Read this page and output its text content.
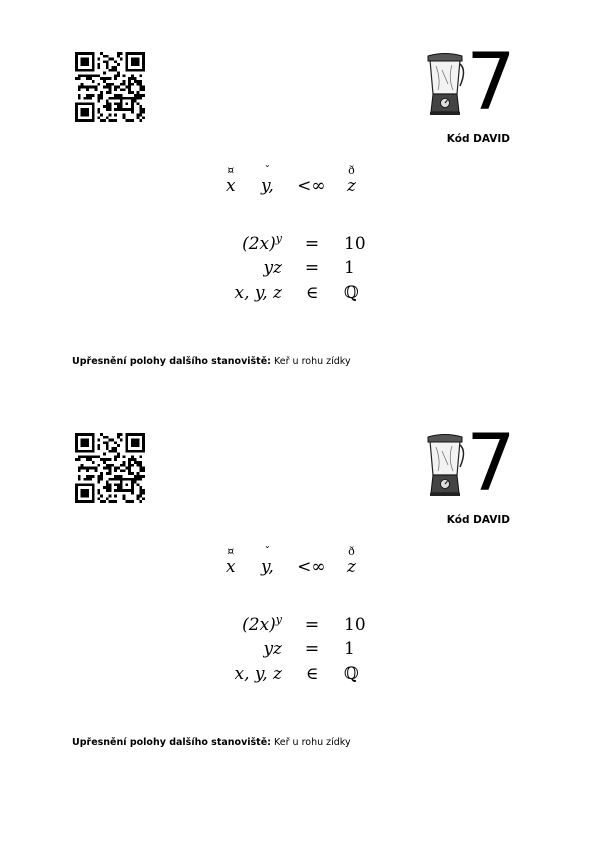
7
Kód DAVID
¤
x
ˇ
y, <∞
ð
z
$(2x)^y = 10$
yz = 1
x, y, z	∈	ℚ
Upřesnění polohy dalšího stanoviště: Keř u rohu zídky
7
Kód DAVID
¤
x
ˇ
y, <∞
ð
z
$(2x)^y = 10$
yz = 1
x, y, z	∈	ℚ
Upřesnění polohy dalšího stanoviště: Keř u rohu zídky
